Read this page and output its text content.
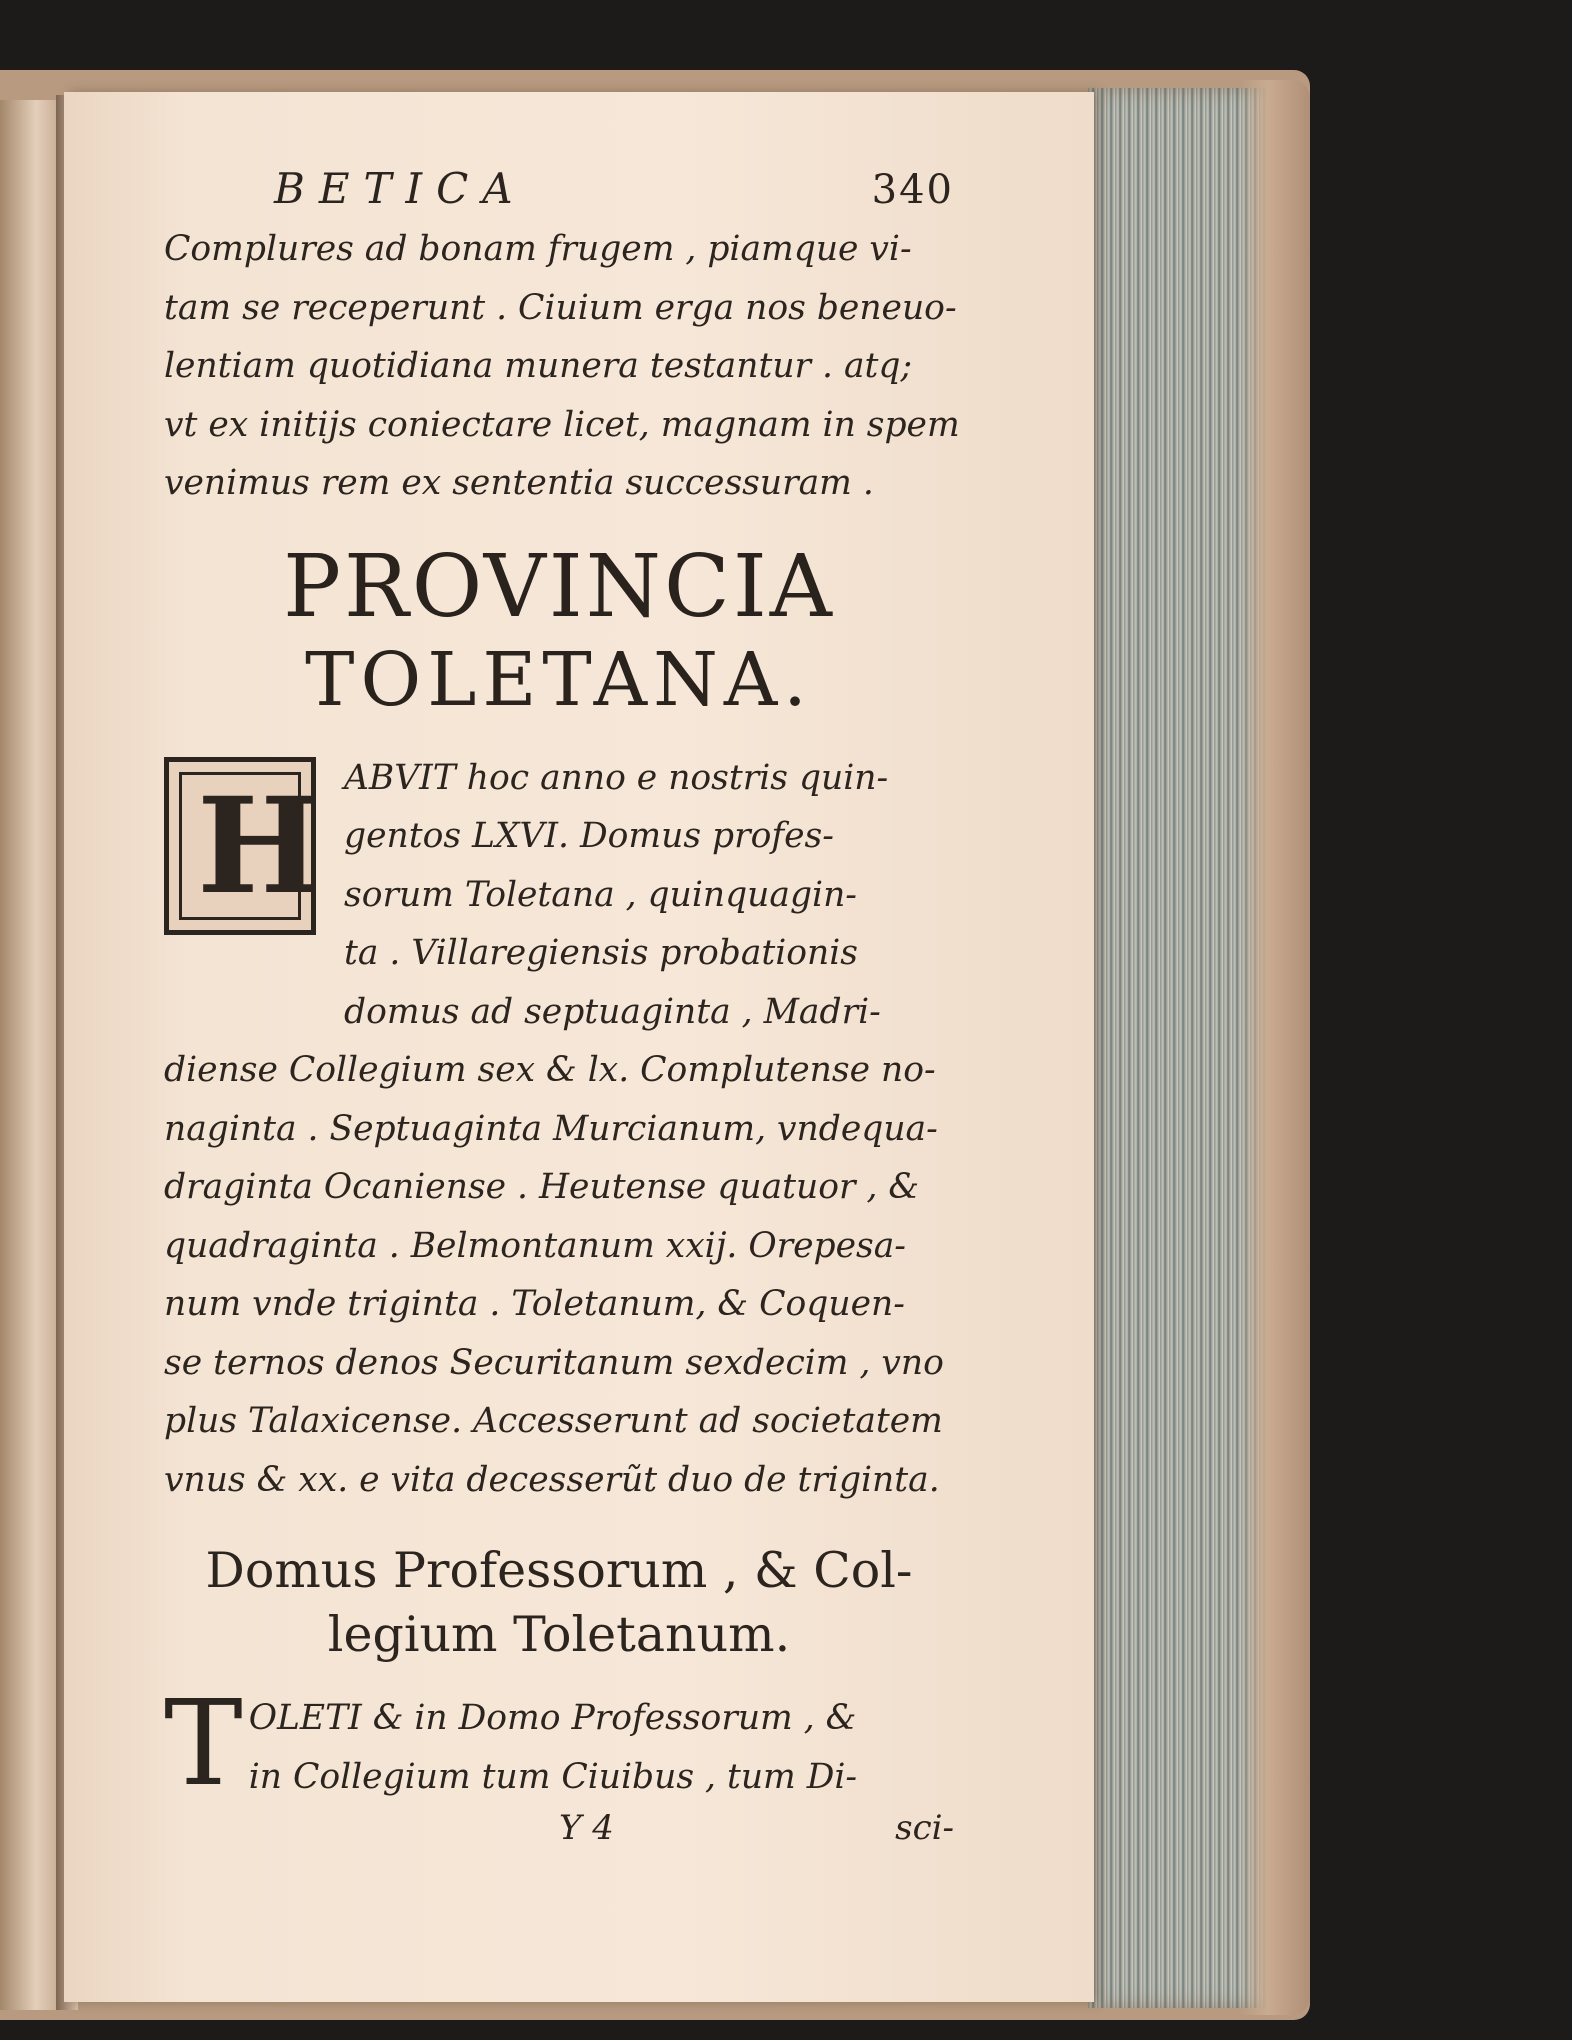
BETICA	340

Complures ad bonam frugem , piamque vi-
tam se receperunt . Ciuium erga nos beneuo-
lentiam quotidiana munera testantur . atq;
vt ex initijs coniectare licet, magnam in spem
venimus rem ex sententia successuram .

PROVINCIA
TOLETANA.
H ABVIT hoc anno e nostris quin-
gentos LXVI. Domus profes-
sorum Toletana , quinquagin-
ta . Villaregiensis probationis
domus ad septuaginta , Madri-

diense Collegium sex & lx. Complutense no-
naginta . Septuaginta Murcianum, vndequa-
draginta Ocaniense . Heutense quatuor , &
quadraginta . Belmontanum xxij. Orepesa-
num vnde triginta . Toletanum, & Coquen-
se ternos denos Securitanum sexdecim , vno
plus Talaxicense. Accesserunt ad societatem
vnus & xx. e vita decesserũt duo de triginta.

Domus Professorum , & Col-
legium Toletanum.
T OLETI & in Domo Professorum , &
in Collegium tum Ciuibus , tum Di-

Y 4	sci-
